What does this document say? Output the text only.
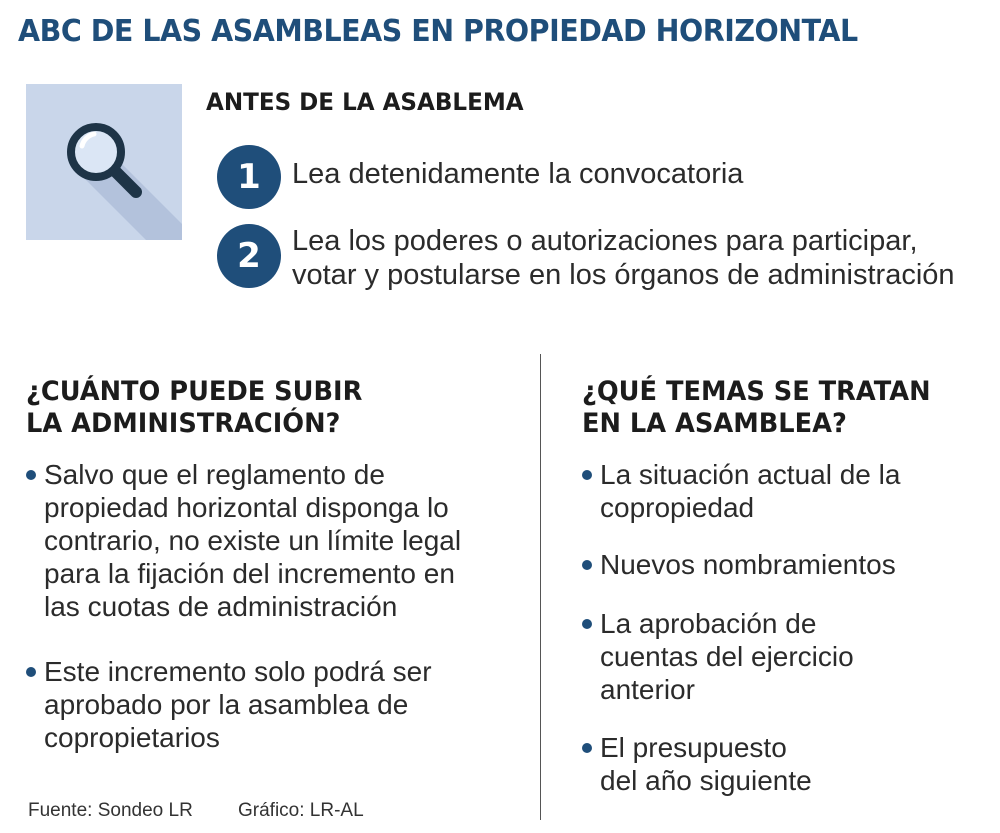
ABC DE LAS ASAMBLEAS EN PROPIEDAD HORIZONTAL
ANTES DE LA ASABLEMA
1	Lea detenidamente la convocatoria
2	Lea los poderes o autorizaciones para participar,
votar y postularse en los órganos de administración
¿CUÁNTO PUEDE SUBIR
LA ADMINISTRACIÓN?
Salvo que el reglamento de
propiedad horizontal disponga lo
contrario, no existe un límite legal
para la fijación del incremento en
las cuotas de administración
Este incremento solo podrá ser
aprobado por la asamblea de
copropietarios
¿QUÉ TEMAS SE TRATAN
EN LA ASAMBLEA?
La situación actual de la
copropiedad
Nuevos nombramientos
La aprobación de
cuentas del ejercicio
anterior
El presupuesto
del año siguiente
Fuente: Sondeo LR Gráfico: LR-AL
